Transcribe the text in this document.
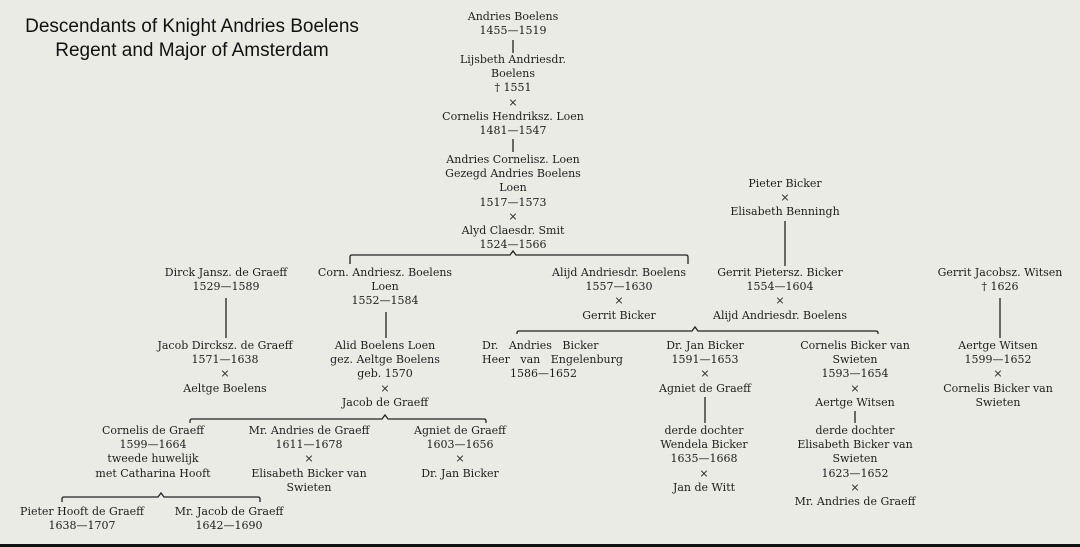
Descendants of Knight Andries Boelens
Regent and Major of Amsterdam
Andries Boelens
1455—1519
Lijsbeth Andriesdr.
Boelens
† 1551
×
Cornelis Hendriksz. Loen
1481—1547
Andries Cornelisz. Loen
Gezegd Andries Boelens
Loen
1517—1573
×
Alyd Claesdr. Smit
1524—1566
Pieter Bicker
×
Elisabeth Benningh
Dirck Jansz. de Graeff
1529—1589
Corn. Andriesz. Boelens
Loen
1552—1584
Alijd Andriesdr. Boelens
1557—1630
×
Gerrit Bicker
Gerrit Pietersz. Bicker
1554—1604
×
Alijd Andriesdr. Boelens
Gerrit Jacobsz. Witsen
† 1626
Jacob Dircksz. de Graeff
1571—1638
×
Aeltge Boelens
Alid Boelens Loen
gez. Aeltge Boelens
geb. 1570
×
Jacob de Graeff
Dr. Andries Bicker
Heer van Engelenburg
1586—1652
Dr. Jan Bicker
1591—1653
×
Agniet de Graeff
Cornelis Bicker van
Swieten
1593—1654
×
Aertge Witsen
Aertge Witsen
1599—1652
×
Cornelis Bicker van
Swieten
Cornelis de Graeff
1599—1664
tweede huwelijk
met Catharina Hooft
Mr. Andries de Graeff
1611—1678
×
Elisabeth Bicker van
Swieten
Agniet de Graeff
1603—1656
×
Dr. Jan Bicker
derde dochter
Wendela Bicker
1635—1668
×
Jan de Witt
derde dochter
Elisabeth Bicker van
Swieten
1623—1652
×
Mr. Andries de Graeff
Pieter Hooft de Graeff
1638—1707
Mr. Jacob de Graeff
1642—1690
